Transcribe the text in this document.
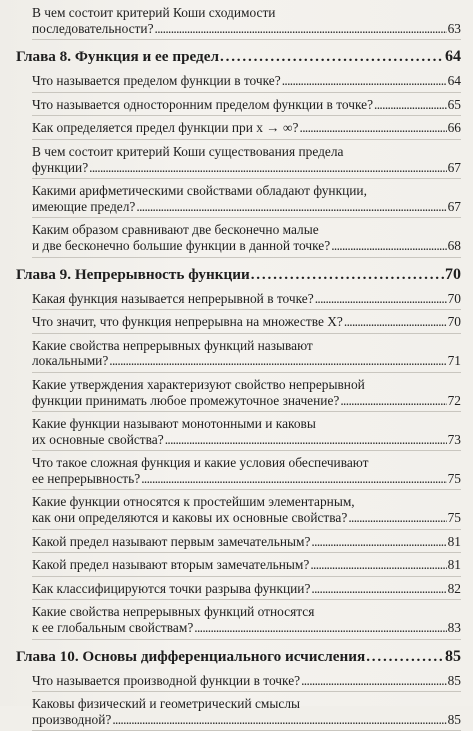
В чем состоит критерий Коши сходимости
последовательности? . . .	63
Глава 8. Функция и ее предел . . .	64
Что называется пределом функции в точке? . . .	64
Что называется односторонним пределом функции в точке? . . .	65
Как определяется предел функции при x → ∞? . . .	66
В чем состоит критерий Коши существования предела
функции? . . .	67
Какими арифметическими свойствами обладают функции,
имеющие предел? . . .	67
Каким образом сравнивают две бесконечно малые
и две бесконечно большие функции в данной точке? . . .	68
Глава 9. Непрерывность функции . . .	70
Какая функция называется непрерывной в точке? . . .	70
Что значит, что функция непрерывна на множестве X? . . .	70
Какие свойства непрерывных функций называют
локальными? . . .	71
Какие утверждения характеризуют свойство непрерывной
функции принимать любое промежуточное значение? . . .	72
Какие функции называют монотонными и каковы
их основные свойства? . . .	73
Что такое сложная функция и какие условия обеспечивают
ее непрерывность? . . .	75
Какие функции относятся к простейшим элементарным,
как они определяются и каковы их основные свойства? . . .	75
Какой предел называют первым замечательным? . . .	81
Какой предел называют вторым замечательным? . . .	81
Как классифицируются точки разрыва функции? . . .	82
Какие свойства непрерывных функций относятся
к ее глобальным свойствам? . . .	83
Глава 10. Основы дифференциального исчисления . . .	85
Что называется производной функции в точке? . . .	85
Каковы физический и геометрический смыслы
производной? . . .	85
